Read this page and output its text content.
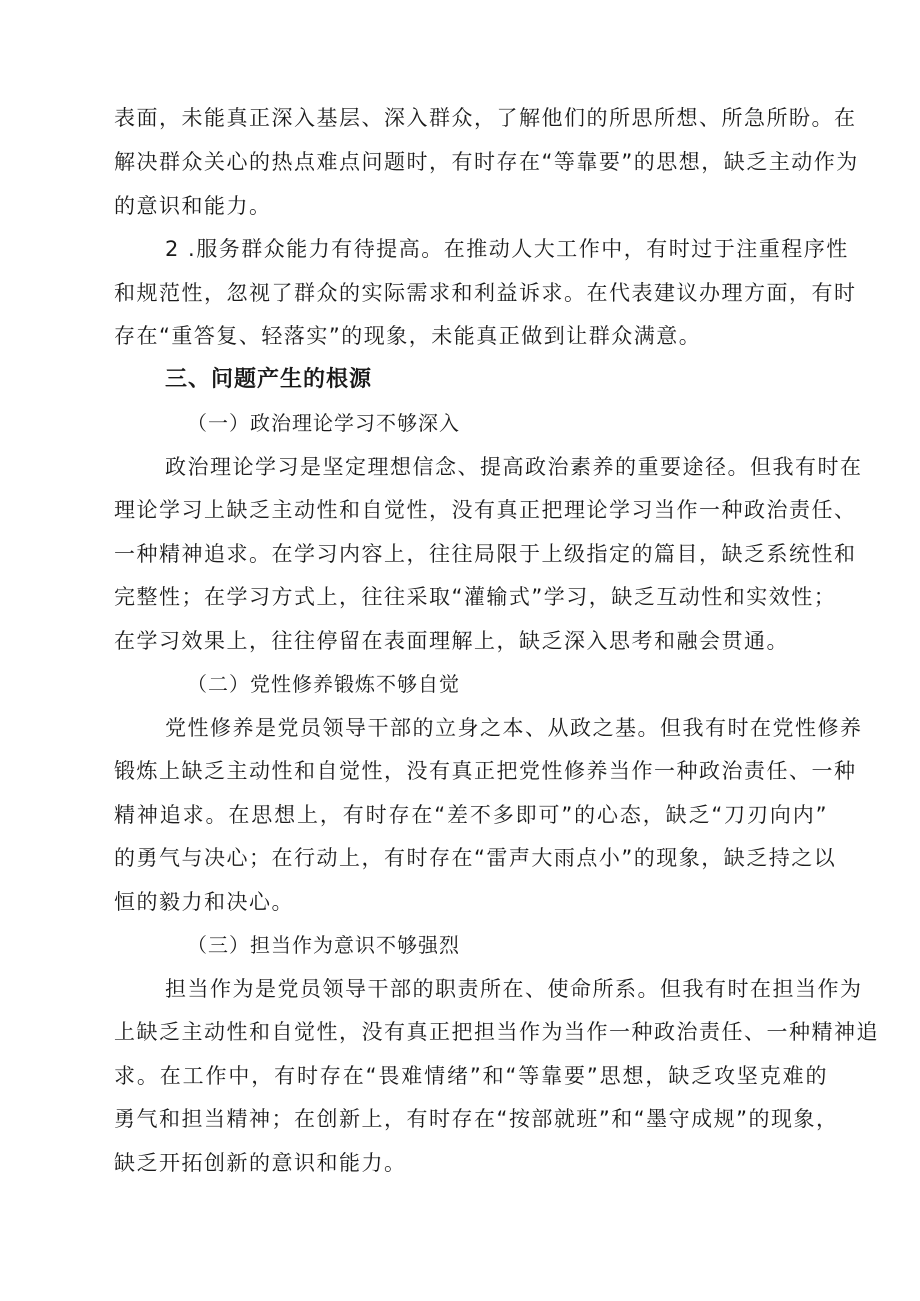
表面，未能真正深入基层、深入群众，了解他们的所思所想、所急所盼。在
解决群众关心的热点难点问题时，有时存在“等靠要”的思想，缺乏主动作为
的意识和能力。
2 .服务群众能力有待提高。在推动人大工作中，有时过于注重程序性
和规范性，忽视了群众的实际需求和利益诉求。在代表建议办理方面，有时
存在“重答复、轻落实”的现象，未能真正做到让群众满意。
三、问题产生的根源
（一）政治理论学习不够深入
政治理论学习是坚定理想信念、提高政治素养的重要途径。但我有时在
理论学习上缺乏主动性和自觉性，没有真正把理论学习当作一种政治责任、
一种精神追求。在学习内容上，往往局限于上级指定的篇目，缺乏系统性和
完整性；在学习方式上，往往采取“灌输式”学习，缺乏互动性和实效性；
在学习效果上，往往停留在表面理解上，缺乏深入思考和融会贯通。
（二）党性修养锻炼不够自觉
党性修养是党员领导干部的立身之本、从政之基。但我有时在党性修养
锻炼上缺乏主动性和自觉性，没有真正把党性修养当作一种政治责任、一种
精神追求。在思想上，有时存在“差不多即可”的心态，缺乏“刀刃向内”
的勇气与决心；在行动上，有时存在“雷声大雨点小”的现象，缺乏持之以
恒的毅力和决心。
（三）担当作为意识不够强烈
担当作为是党员领导干部的职责所在、使命所系。但我有时在担当作为
上缺乏主动性和自觉性，没有真正把担当作为当作一种政治责任、一种精神追
求。在工作中，有时存在“畏难情绪”和“等靠要”思想，缺乏攻坚克难的
勇气和担当精神；在创新上，有时存在“按部就班”和“墨守成规”的现象，
缺乏开拓创新的意识和能力。
